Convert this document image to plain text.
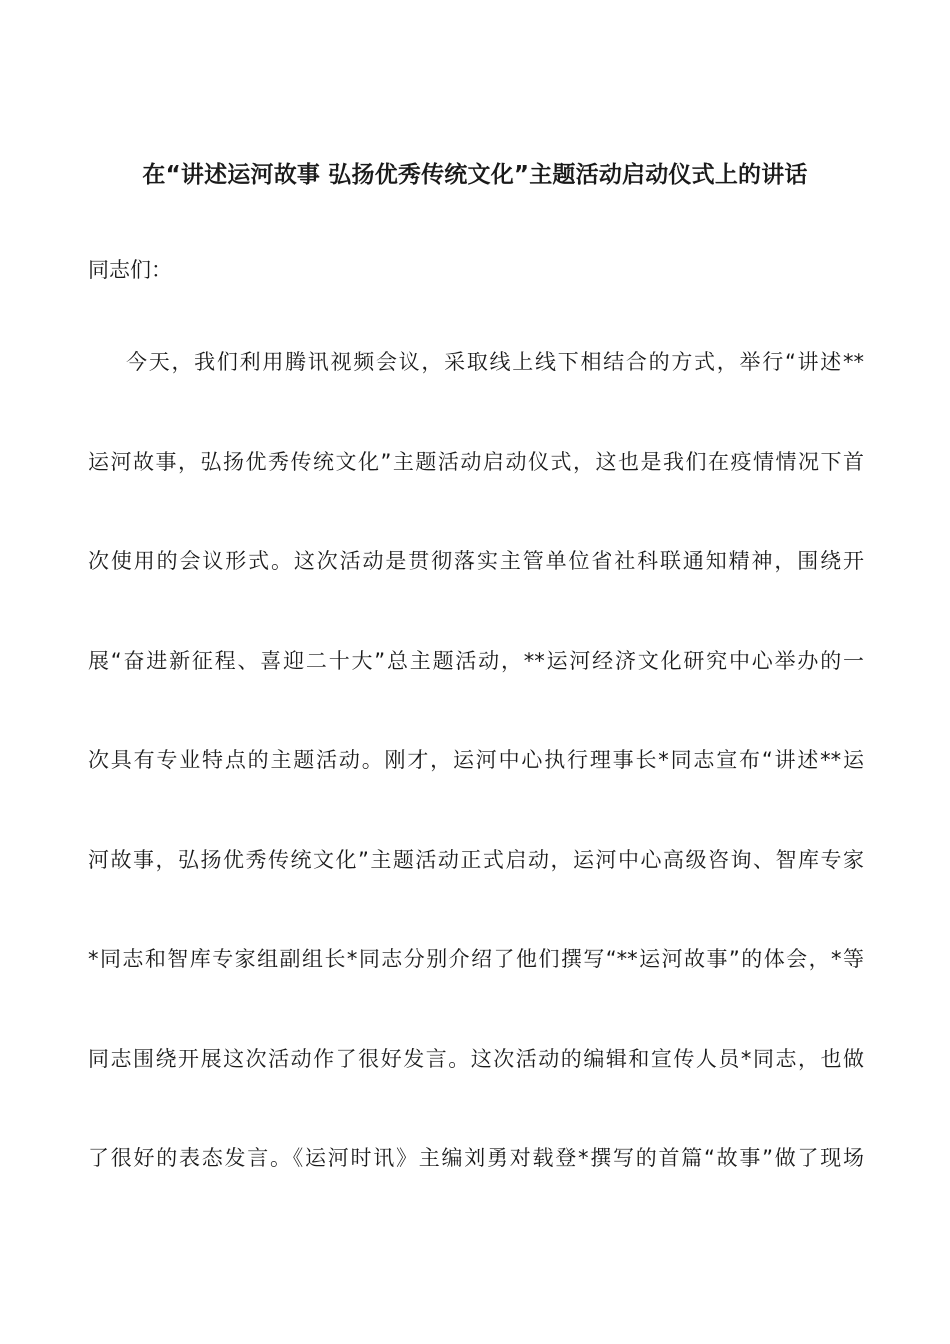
在“讲述运河故事 弘扬优秀传统文化”主题活动启动仪式上的讲话
同志们：
今天，我们利用腾讯视频会议，采取线上线下相结合的方式，举行“讲述**
运河故事，弘扬优秀传统文化”主题活动启动仪式，这也是我们在疫情情况下首
次使用的会议形式。这次活动是贯彻落实主管单位省社科联通知精神，围绕开
展“奋进新征程、喜迎二十大”总主题活动，**运河经济文化研究中心举办的一
次具有专业特点的主题活动。刚才，运河中心执行理事长*同志宣布“讲述**运
河故事，弘扬优秀传统文化”主题活动正式启动，运河中心高级咨询、智库专家
*同志和智库专家组副组长*同志分别介绍了他们撰写“**运河故事”的体会，*等
同志围绕开展这次活动作了很好发言。这次活动的编辑和宣传人员*同志，也做
了很好的表态发言。《运河时讯》主编刘勇对载登*撰写的首篇“故事”做了现场
